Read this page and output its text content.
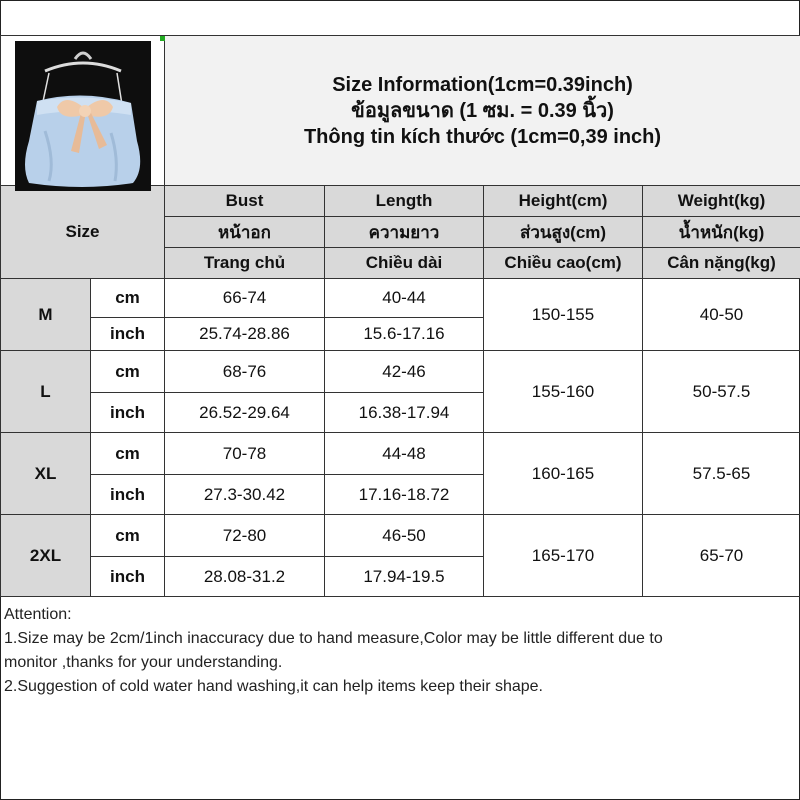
Size Information(1cm=0.39inch)
ข้อมูลขนาด (1 ซม. = 0.39 นิ้ว)
Thông tin kích thước (1cm=0,39 inch)			

Size		Bust	Length	Height(cm)	Weight(kg)
		หน้าอก	ความยาว	ส่วนสูง(cm)	น้ำหนัก(kg)
		Trang chủ	Chiều dài	Chiều cao(cm)	Cân nặng(kg)
M	cm	66-74	40-44	150-155	40-50
	inch	25.74-28.86	15.6-17.16		
L	cm	68-76	42-46	155-160	50-57.5
	inch	26.52-29.64	16.38-17.94		
XL	cm	70-78	44-48	160-165	57.5-65
	inch	27.3-30.42	17.16-18.72		
2XL	cm	72-80	46-50	165-170	65-70
	inch	28.08-31.2	17.94-19.5		
Attention:
1.Size may be 2cm/1inch inaccuracy due to hand measure,Color may be little different due to
monitor ,thanks for your understanding.
2.Suggestion of cold water hand washing,it can help items keep their shape.
